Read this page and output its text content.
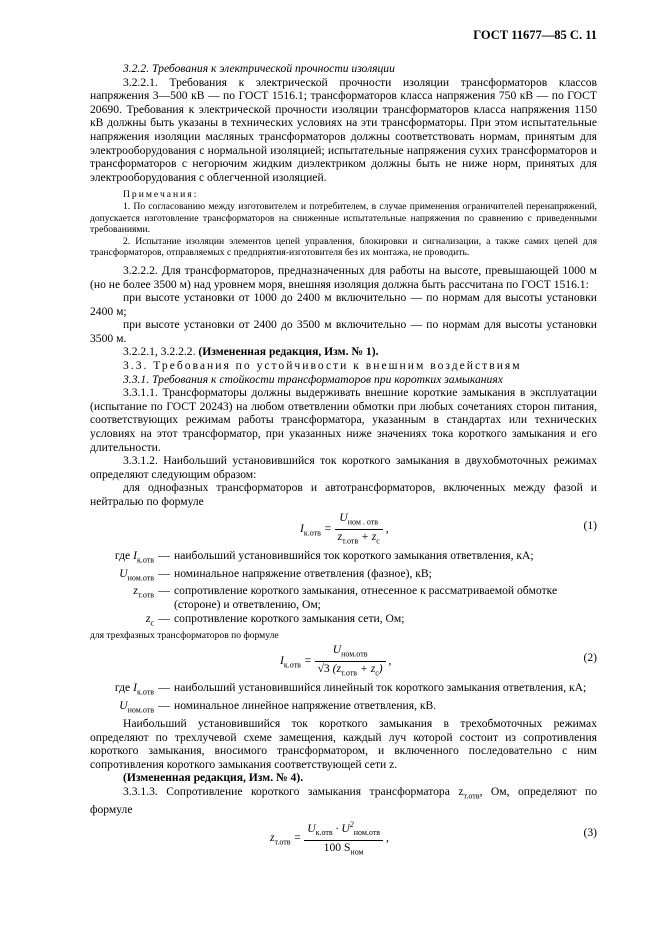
ГОСТ 11677—85 С. 11

3.2.2. Требования к электрической прочности изоляции

3.2.2.1. Требования к электрической прочности изоляции трансформаторов классов напряжения 3—500 кВ — по ГОСТ 1516.1; трансформаторов класса напряжения 750 кВ — по ГОСТ 20690. Требования к электрической прочности изоляции трансформаторов класса напряжения 1150 кВ должны быть указаны в технических условиях на эти трансформаторы. При этом испытательные напряжения изоляции масляных трансформаторов должны соответствовать нормам, принятым для электрооборудования с нормальной изоляцией; испытательные напряжения сухих трансформаторов и трансформаторов с негорючим жидким диэлектриком должны быть не ниже норм, принятых для электрооборудования с облегченной изоляцией.

Примечания:

1. По согласованию между изготовителем и потребителем, в случае применения ограничителей перенапряжений, допускается изготовление трансформаторов на сниженные испытательные напряжения по сравнению с приведенными требованиями.

2. Испытание изоляции элементов цепей управления, блокировки и сигнализации, а также самих цепей для трансформаторов, отправляемых с предприятия-изготовителя без их монтажа, не проводить.

3.2.2.2. Для трансформаторов, предназначенных для работы на высоте, превышающей 1000 м (но не более 3500 м) над уровнем моря, внешняя изоляция должна быть рассчитана по ГОСТ 1516.1:

при высоте установки от 1000 до 2400 м включительно — по нормам для высоты установки 2400 м;

при высоте установки от 2400 до 3500 м включительно — по нормам для высоты установки 3500 м.

3.2.2.1, 3.2.2.2. (Измененная редакция, Изм. № 1).

3.3. Требования по устойчивости к внешним воздействиям

3.3.1. Требования к стойкости трансформаторов при коротких замыканиях

3.3.1.1. Трансформаторы должны выдерживать внешние короткие замыкания в эксплуатации (испытание по ГОСТ 20243) на любом ответвлении обмотки при любых сочетаниях сторон питания, соответствующих режимам работы трансформатора, указанным в стандартах или технических условиях на этот трансформатор, при указанных ниже значениях тока короткого замыкания и его длительности.

3.3.1.2. Наибольший установившийся ток короткого замыкания в двухобмоточных режимах определяют следующим образом:

для однофазных трансформаторов и автотрансформаторов, включенных между фазой и нейтралью по формуле

$I_{к.отв} = \frac{U_{ном . отв}}{z_{т.отв} + z_c}$ ,	(1)
где $I_{к.отв}$ — наибольший установившийся ток короткого замыкания ответвления, кА;
$U_{ном.отв}$ — номинальное напряжение ответвления (фазное), кВ;
$z_{т.отв}$ — сопротивление короткого замыкания, отнесенное к рассматриваемой обмотке (стороне) и ответвлению, Ом;
$z_с$ — сопротивление короткого замыкания сети, Ом;

для трехфазных трансформаторов по формуле

$I_{к.отв} = \frac{U_{ном.отв}}{√3 (z_{т.отв} + z_с)}$ ,	(2)
где $I_{к.отв}$ — наибольший установившийся линейный ток короткого замыкания ответвления, кА;
$U_{ном.отв}$ — номинальное линейное напряжение ответвления, кВ.

Наибольший установившийся ток короткого замыкания в трехобмоточных режимах определяют по трехлучевой схеме замещения, каждый луч которой состоит из сопротивления короткого замыкания, вносимого трансформатором, и включенного последовательно с ним сопротивления короткого замыкания соответствующей сети z.

(Измененная редакция, Изм. № 4).

3.3.1.3. Сопротивление короткого замыкания трансформатора $z_{т.отв}$, Ом, определяют по формуле

$z_{т.отв} = \frac{U_{к.отв} \cdot U^2_{ном.отв}}{100 S_{ном}}$ ,	(3)
